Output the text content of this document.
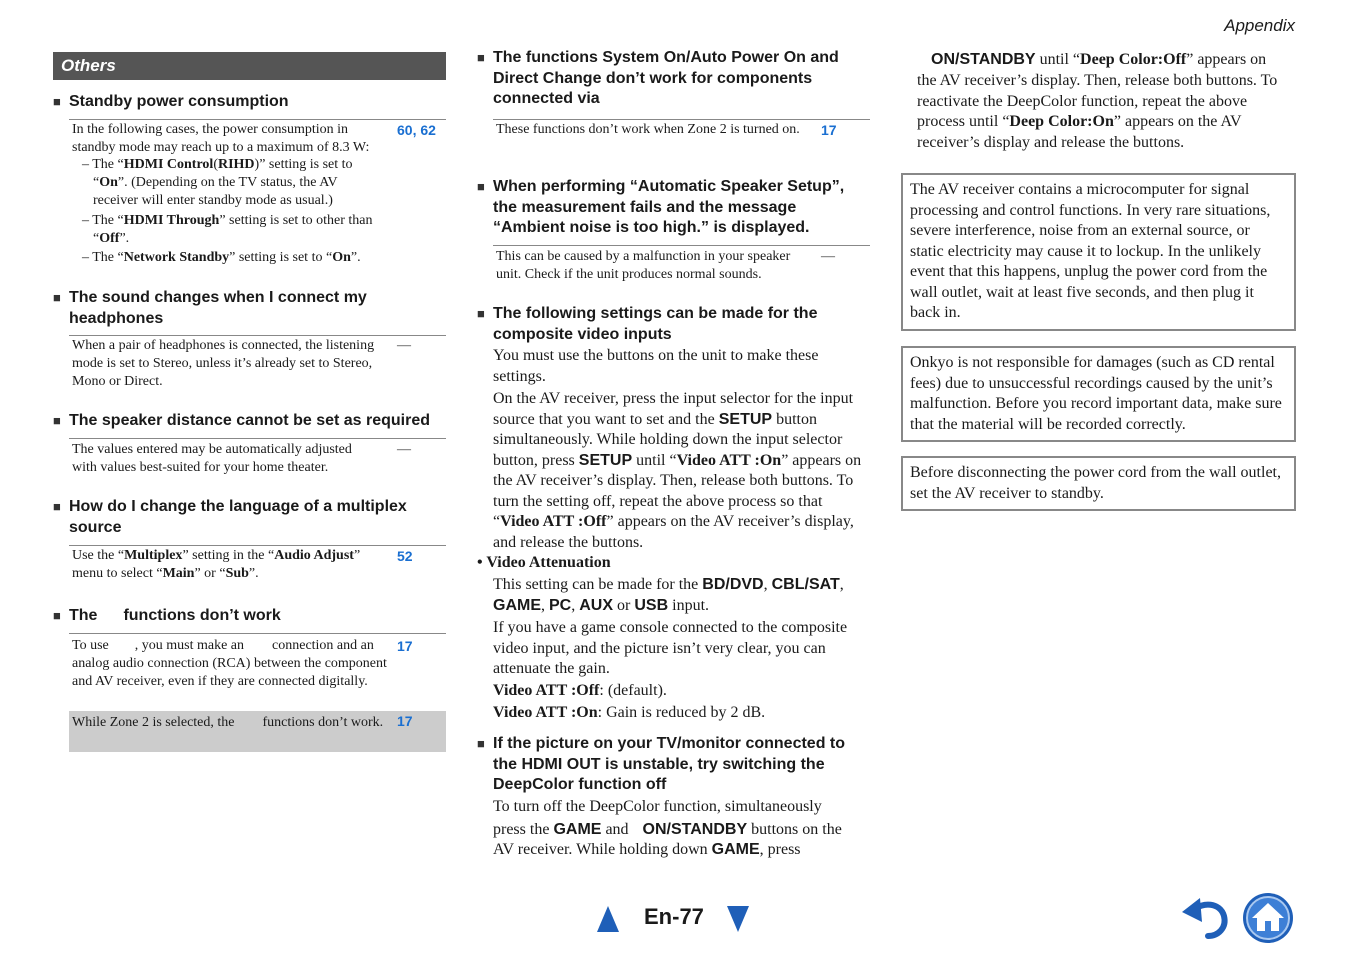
Appendix
Others
■ Standby power consumption
In the following cases, the power consumption in standby mode may reach up to a maximum of 8.3 W:
60, 62
– The “HDMI Control(RIHD)” setting is set to
“On”. (Depending on the TV status, the AV
receiver will enter standby mode as usual.)
– The “HDMI Through” setting is set to other than
“Off”.
– The “Network Standby” setting is set to “On”.
■ The sound changes when I connect my headphones
When a pair of headphones is connected, the listening mode is set to Stereo, unless it’s already set to Stereo, Mono or Direct.
—
■ The speaker distance cannot be set as required
The values entered may be automatically adjusted with values best-suited for your home theater.
—
■ How do I change the language of a multiplex source
Use the “Multiplex” setting in the “Audio Adjust” menu to select “Main” or “Sub”.
52
■ The functions don’t work
To use , you must make an connection and an analog audio connection (RCA) between the component and AV receiver, even if they are connected digitally.
17
While Zone 2 is selected, the functions don’t work. 17
■ The functions System On/Auto Power On and Direct Change don’t work for components connected via
These functions don’t work when Zone 2 is turned on.	17
■ When performing “Automatic Speaker Setup”, the measurement fails and the message “Ambient noise is too high.” is displayed.
This can be caused by a malfunction in your speaker unit. Check if the unit produces normal sounds.
—
■ The following settings can be made for the composite video inputs
You must use the buttons on the unit to make these settings.
On the AV receiver, press the input selector for the input source that you want to set and the SETUP button simultaneously. While holding down the input selector button, press SETUP until “Video ATT :On” appears on the AV receiver’s display. Then, release both buttons. To turn the setting off, repeat the above process so that “Video ATT :Off” appears on the AV receiver’s display, and release the buttons.
• Video Attenuation
This setting can be made for the BD/DVD, CBL/SAT, GAME, PC, AUX or USB input.
If you have a game console connected to the composite video input, and the picture isn’t very clear, you can attenuate the gain.
Video ATT :Off: (default).
Video ATT :On: Gain is reduced by 2 dB.
■ If the picture on your TV/monitor connected to the HDMI OUT is unstable, try switching the DeepColor function off
To turn off the DeepColor function, simultaneously
press the GAME and ON/STANDBY buttons on the
AV receiver. While holding down GAME, press
ON/STANDBY until “Deep Color:Off” appears on
the AV receiver’s display. Then, release both buttons. To reactivate the DeepColor function, repeat the above process until “Deep Color:On” appears on the AV receiver’s display and release the buttons.
The AV receiver contains a microcomputer for signal processing and control functions. In very rare situations, severe interference, noise from an external source, or static electricity may cause it to lockup. In the unlikely event that this happens, unplug the power cord from the wall outlet, wait at least five seconds, and then plug it back in.
Onkyo is not responsible for damages (such as CD rental fees) due to unsuccessful recordings caused by the unit’s malfunction. Before you record important data, make sure that the material will be recorded correctly.
Before disconnecting the power cord from the wall outlet, set the AV receiver to standby.
En-77
